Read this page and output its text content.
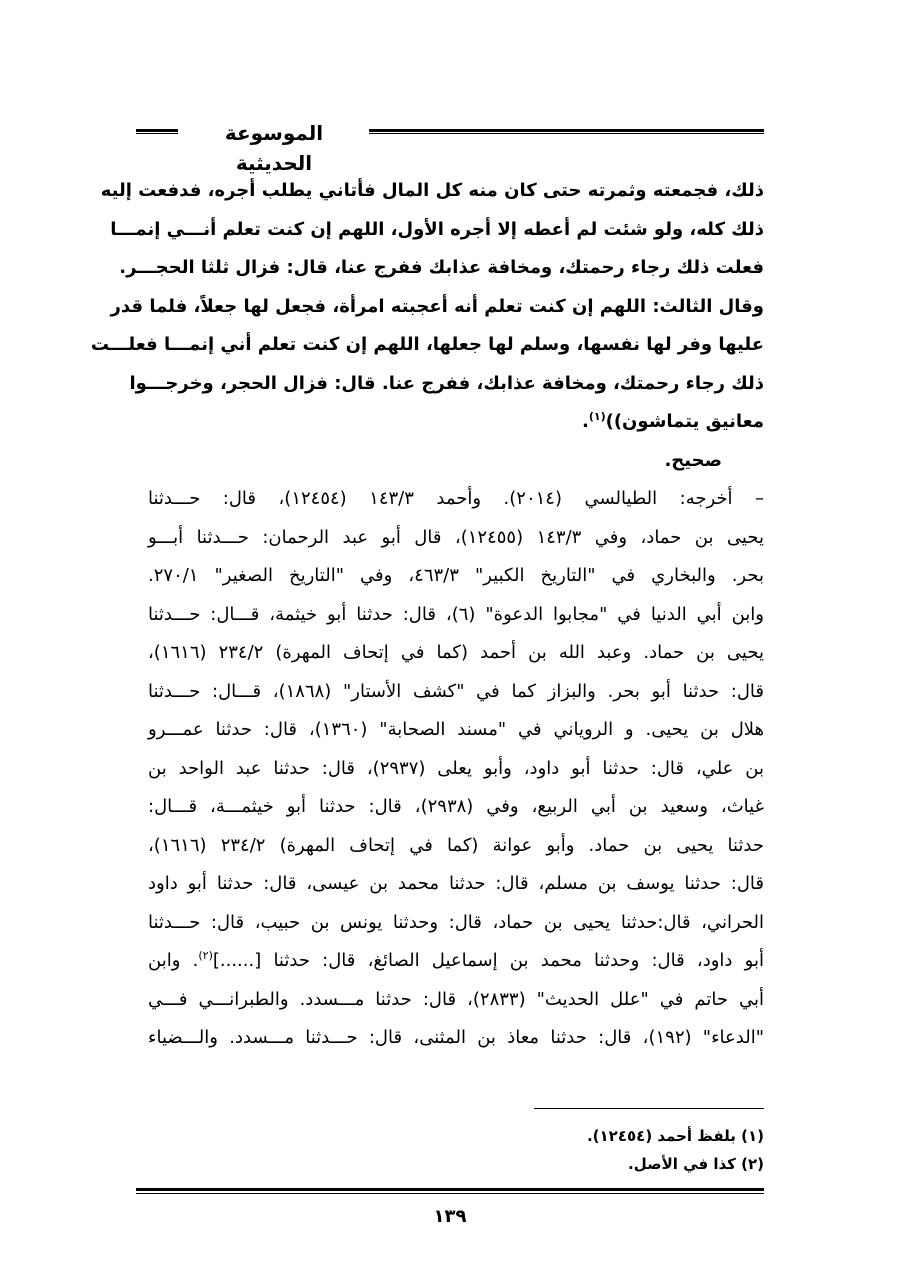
الموسوعة الحديثية
ذلك، فجمعته وثمرته حتى كان منه كل المال فأتاني يطلب أجره، فدفعت إليه
ذلك كله، ولو شئت لم أعطه إلا أجره الأول، اللهم إن كنت تعلم أنـــي إنمـــا
فعلت ذلك رجاء رحمتك، ومخافة عذابك ففرج عنا، قال: فزال ثلثا الحجـــر.
وقال الثالث: اللهم إن كنت تعلم أنه أعجبته امرأة، فجعل لها جعلاً، فلما قدر
عليها وفر لها نفسها، وسلم لها جعلها، اللهم إن كنت تعلم أني إنمـــا فعلـــت
ذلك رجاء رحمتك، ومخافة عذابك، ففرج عنا. قال: فزال الحجر، وخرجـــوا
معانيق يتماشون))$^{(١)}$.
صحيح.
– أخرجه: الطيالسي (٢٠١٤). وأحمد ١٤٣/٣ (١٢٤٥٤)، قال: حـــدثنا
يحيى بن حماد، وفي ١٤٣/٣ (١٢٤٥٥)، قال أبو عبد الرحمان: حـــدثنا أبـــو
بحر. والبخاري في "التاريخ الكبير" ٤٦٣/٣، وفي "التاريخ الصغير" ٢٧٠/١.
وابن أبي الدنيا في "مجابوا الدعوة" (٦)، قال: حدثنا أبو خيثمة، قـــال: حـــدثنا
يحيى بن حماد. وعبد الله بن أحمد (كما في إتحاف المهرة) ٢٣٤/٢ (١٦١٦)،
قال: حدثنا أبو بحر. والبزاز كما في "كشف الأستار" (١٨٦٨)، قـــال: حـــدثنا
هلال بن يحيى. و الروياني في "مسند الصحابة" (١٣٦٠)، قال: حدثنا عمـــرو
بن علي، قال: حدثنا أبو داود، وأبو يعلى (٢٩٣٧)، قال: حدثنا عبد الواحد بن
غياث، وسعيد بن أبي الربيع، وفي (٢٩٣٨)، قال: حدثنا أبو خيثمـــة، قـــال:
حدثنا يحيى بن حماد. وأبو عوانة (كما في إتحاف المهرة) ٢٣٤/٢ (١٦١٦)،
قال: حدثنا يوسف بن مسلم، قال: حدثنا محمد بن عيسى، قال: حدثنا أبو داود
الحراني، قال:حدثنا يحيى بن حماد، قال: وحدثنا يونس بن حبيب، قال: حـــدثنا
أبو داود، قال: وحدثنا محمد بن إسماعيل الصائغ، قال: حدثنا [......]$^{(٢)}$. وابن
أبي حاتم في "علل الحديث" (٢٨٣٣)، قال: حدثنا مـــسدد. والطبرانـــي فـــي
"الدعاء" (١٩٢)، قال: حدثنا معاذ بن المثنى، قال: حـــدثنا مـــسدد. والـــضياء
(١) بلفظ أحمد (١٢٤٥٤).
(٢) كذا في الأصل.
١٣٩
